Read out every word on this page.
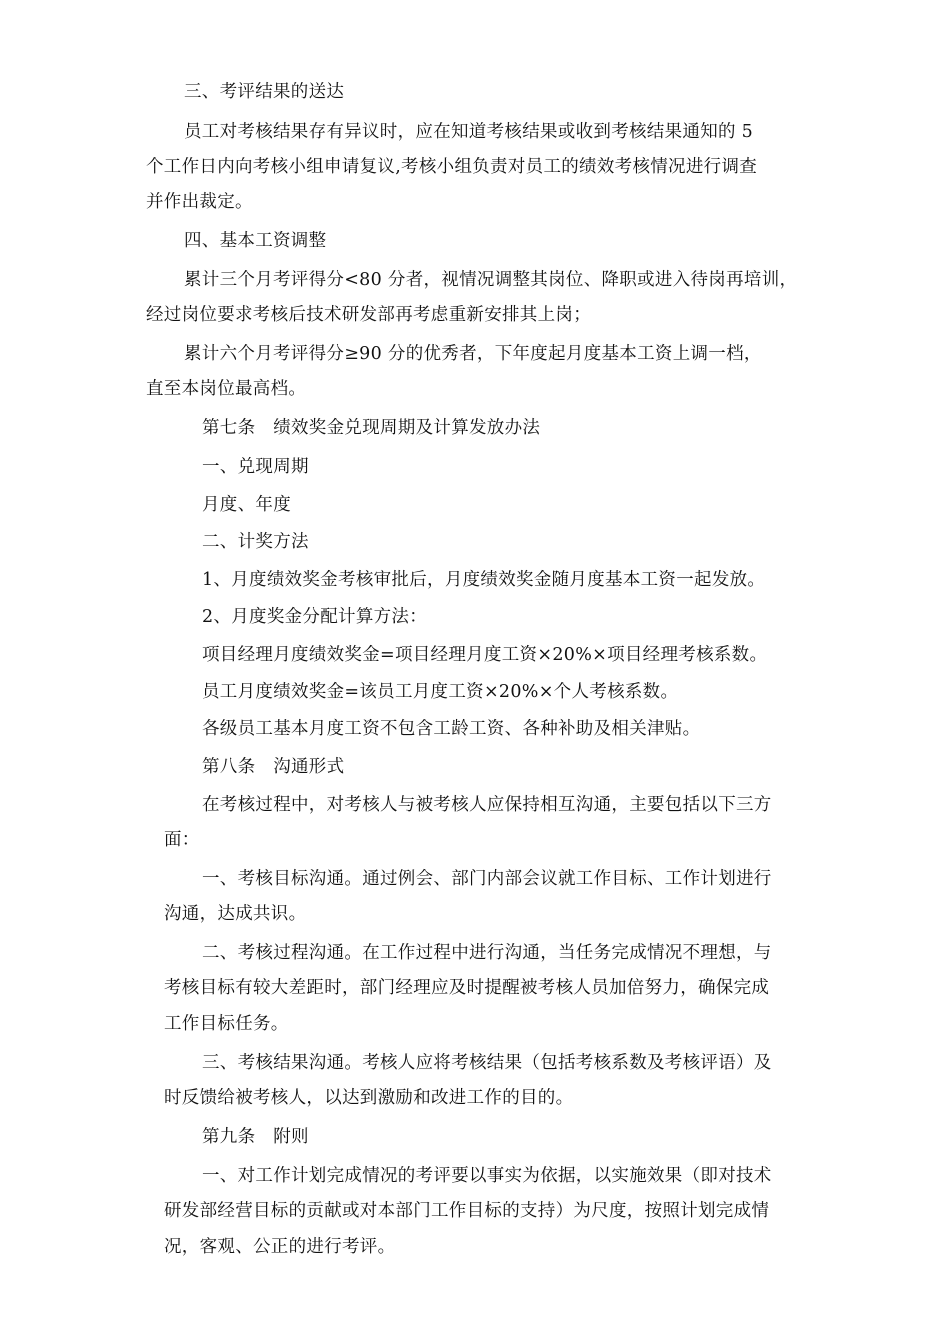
三、考评结果的送达
员工对考核结果存有异议时，应在知道考核结果或收到考核结果通知的 5
个工作日内向考核小组申请复议,考核小组负责对员工的绩效考核情况进行调查
并作出裁定。
四、基本工资调整
累计三个月考评得分<80 分者，视情况调整其岗位、降职或进入待岗再培训，
经过岗位要求考核后技术研发部再考虑重新安排其上岗；
累计六个月考评得分≥90 分的优秀者，下年度起月度基本工资上调一档，
直至本岗位最高档。
第七条　绩效奖金兑现周期及计算发放办法
一、兑现周期
月度、年度
二、计奖方法
1、月度绩效奖金考核审批后，月度绩效奖金随月度基本工资一起发放。
2、月度奖金分配计算方法：
项目经理月度绩效奖金=项目经理月度工资×20%×项目经理考核系数。
员工月度绩效奖金=该员工月度工资×20%×个人考核系数。
各级员工基本月度工资不包含工龄工资、各种补助及相关津贴。
第八条　沟通形式
在考核过程中，对考核人与被考核人应保持相互沟通，主要包括以下三方
面：
一、考核目标沟通。通过例会、部门内部会议就工作目标、工作计划进行
沟通，达成共识。
二、考核过程沟通。在工作过程中进行沟通，当任务完成情况不理想，与
考核目标有较大差距时，部门经理应及时提醒被考核人员加倍努力，确保完成
工作目标任务。
三、考核结果沟通。考核人应将考核结果（包括考核系数及考核评语）及
时反馈给被考核人，以达到激励和改进工作的目的。
第九条　附则
一、对工作计划完成情况的考评要以事实为依据，以实施效果（即对技术
研发部经营目标的贡献或对本部门工作目标的支持）为尺度，按照计划完成情
况，客观、公正的进行考评。
